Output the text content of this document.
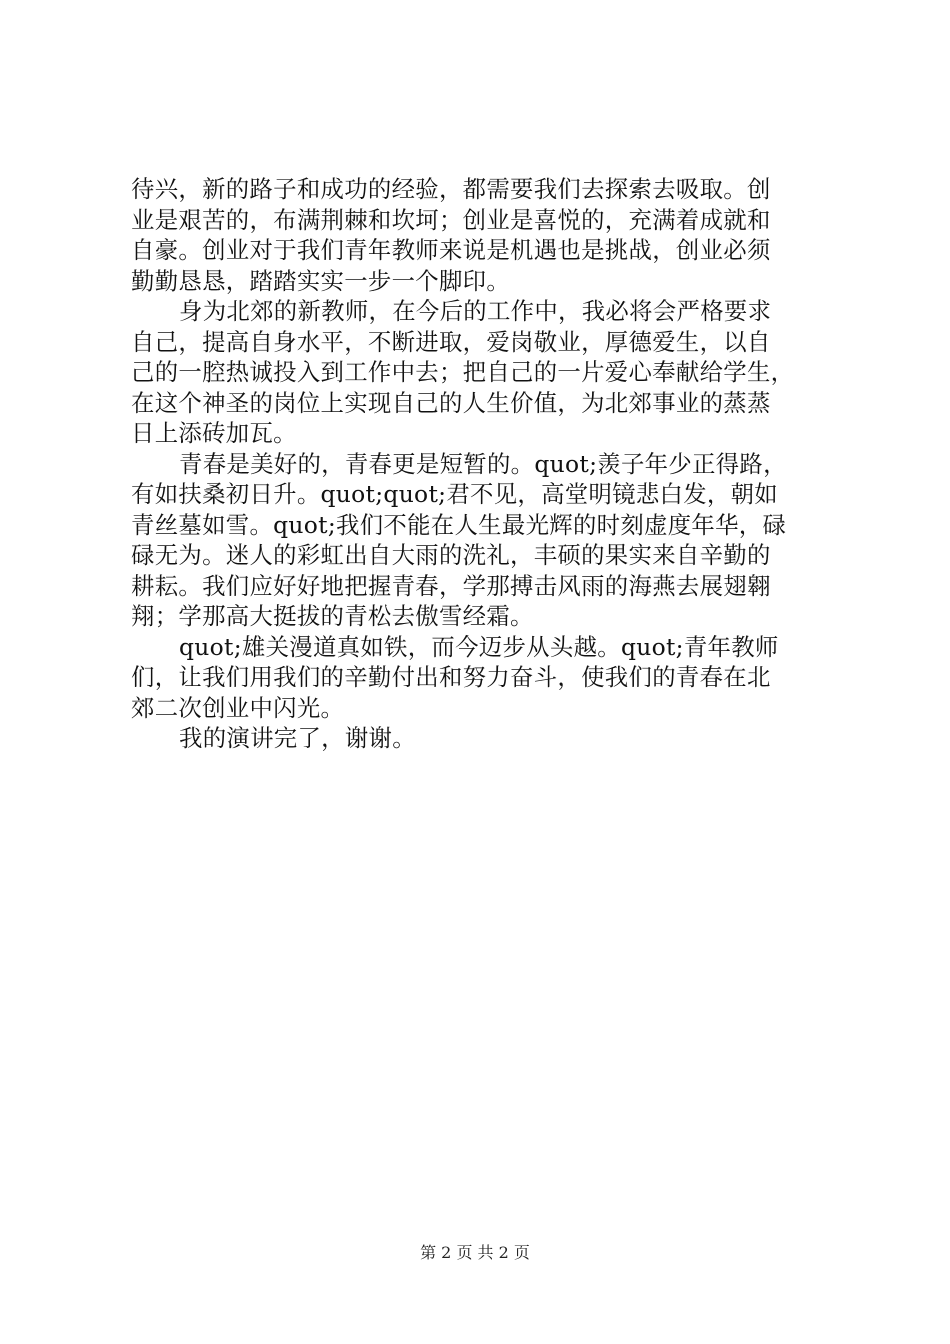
待兴，新的路子和成功的经验，都需要我们去探索去吸取。创
业是艰苦的，布满荆棘和坎坷；创业是喜悦的，充满着成就和
自豪。创业对于我们青年教师来说是机遇也是挑战，创业必须
勤勤恳恳，踏踏实实一步一个脚印。
身为北郊的新教师，在今后的工作中，我必将会严格要求
自己，提高自身水平，不断进取，爱岗敬业，厚德爱生，以自
己的一腔热诚投入到工作中去；把自己的一片爱心奉献给学生，
在这个神圣的岗位上实现自己的人生价值，为北郊事业的蒸蒸
日上添砖加瓦。
青春是美好的，青春更是短暂的。quot;羡子年少正得路，
有如扶桑初日升。quot;quot;君不见，高堂明镜悲白发，朝如
青丝墓如雪。quot;我们不能在人生最光辉的时刻虚度年华，碌
碌无为。迷人的彩虹出自大雨的洗礼，丰硕的果实来自辛勤的
耕耘。我们应好好地把握青春，学那搏击风雨的海燕去展翅翱
翔；学那高大挺拔的青松去傲雪经霜。
quot;雄关漫道真如铁，而今迈步从头越。quot;青年教师
们，让我们用我们的辛勤付出和努力奋斗，使我们的青春在北
郊二次创业中闪光。
我的演讲完了，谢谢。
第 2 页 共 2 页
